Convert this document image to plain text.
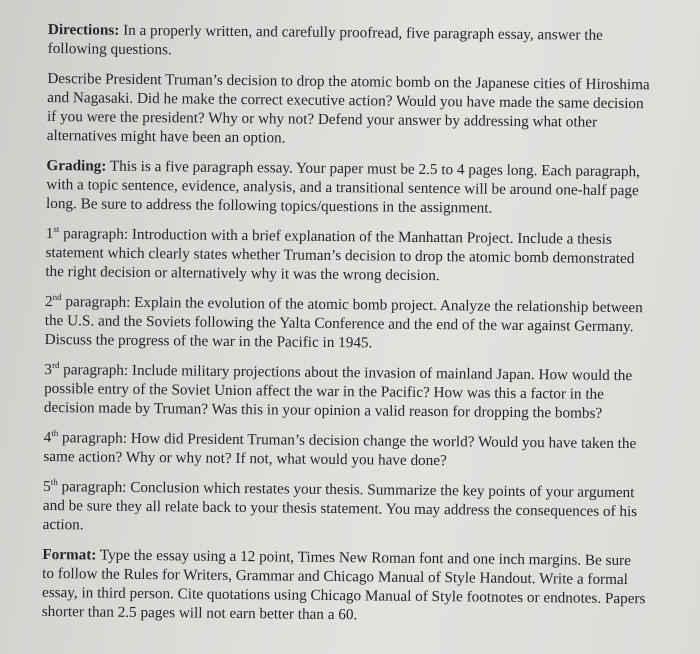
Directions: In a properly written, and carefully proofread, five paragraph essay, answer the following questions.

Describe President Truman’s decision to drop the atomic bomb on the Japanese cities of Hiroshima and Nagasaki. Did he make the correct executive action? Would you have made the same decision if you were the president? Why or why not? Defend your answer by addressing what other alternatives might have been an option.

Grading: This is a five paragraph essay. Your paper must be 2.5 to 4 pages long. Each paragraph, with a topic sentence, evidence, analysis, and a transitional sentence will be around one-half page long. Be sure to address the following topics/questions in the assignment.

1st paragraph: Introduction with a brief explanation of the Manhattan Project. Include a thesis statement which clearly states whether Truman’s decision to drop the atomic bomb demonstrated the right decision or alternatively why it was the wrong decision.

2nd paragraph: Explain the evolution of the atomic bomb project. Analyze the relationship between the U.S. and the Soviets following the Yalta Conference and the end of the war against Germany. Discuss the progress of the war in the Pacific in 1945.

3rd paragraph: Include military projections about the invasion of mainland Japan. How would the possible entry of the Soviet Union affect the war in the Pacific? How was this a factor in the decision made by Truman? Was this in your opinion a valid reason for dropping the bombs?

4th paragraph: How did President Truman’s decision change the world? Would you have taken the same action? Why or why not? If not, what would you have done?

5th paragraph: Conclusion which restates your thesis. Summarize the key points of your argument and be sure they all relate back to your thesis statement. You may address the consequences of his action.

Format: Type the essay using a 12 point, Times New Roman font and one inch margins. Be sure to follow the Rules for Writers, Grammar and Chicago Manual of Style Handout. Write a formal essay, in third person. Cite quotations using Chicago Manual of Style footnotes or endnotes. Papers shorter than 2.5 pages will not earn better than a 60.
